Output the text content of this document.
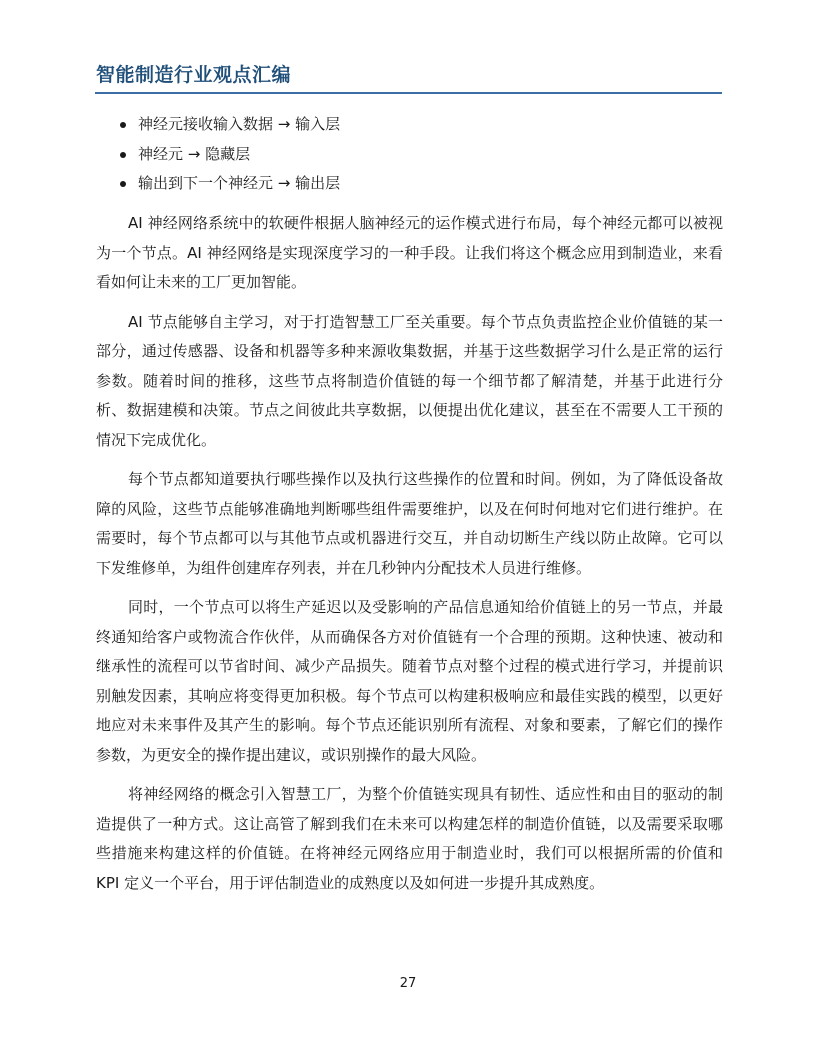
智能制造行业观点汇编
神经元接收输入数据 → 输入层
神经元 → 隐藏层
输出到下一个神经元 → 输出层

AI 神经网络系统中的软硬件根据人脑神经元的运作模式进行布局，每个神经元都可以被视为一个节点。AI 神经网络是实现深度学习的一种手段。让我们将这个概念应用到制造业，来看看如何让未来的工厂更加智能。

AI 节点能够自主学习，对于打造智慧工厂至关重要。每个节点负责监控企业价值链的某一部分，通过传感器、设备和机器等多种来源收集数据，并基于这些数据学习什么是正常的运行参数。随着时间的推移，这些节点将制造价值链的每一个细节都了解清楚，并基于此进行分析、数据建模和决策。节点之间彼此共享数据，以便提出优化建议，甚至在不需要人工干预的情况下完成优化。

每个节点都知道要执行哪些操作以及执行这些操作的位置和时间。例如，为了降低设备故障的风险，这些节点能够准确地判断哪些组件需要维护，以及在何时何地对它们进行维护。在需要时，每个节点都可以与其他节点或机器进行交互，并自动切断生产线以防止故障。它可以下发维修单，为组件创建库存列表，并在几秒钟内分配技术人员进行维修。

同时，一个节点可以将生产延迟以及受影响的产品信息通知给价值链上的另一节点，并最终通知给客户或物流合作伙伴，从而确保各方对价值链有一个合理的预期。这种快速、被动和继承性的流程可以节省时间、减少产品损失。随着节点对整个过程的模式进行学习，并提前识别触发因素，其响应将变得更加积极。每个节点可以构建积极响应和最佳实践的模型，以更好地应对未来事件及其产生的影响。每个节点还能识别所有流程、对象和要素，了解它们的操作参数，为更安全的操作提出建议，或识别操作的最大风险。

将神经网络的概念引入智慧工厂，为整个价值链实现具有韧性、适应性和由目的驱动的制造提供了一种方式。这让高管了解到我们在未来可以构建怎样的制造价值链，以及需要采取哪些措施来构建这样的价值链。在将神经元网络应用于制造业时，我们可以根据所需的价值和 KPI 定义一个平台，用于评估制造业的成熟度以及如何进一步提升其成熟度。

27
